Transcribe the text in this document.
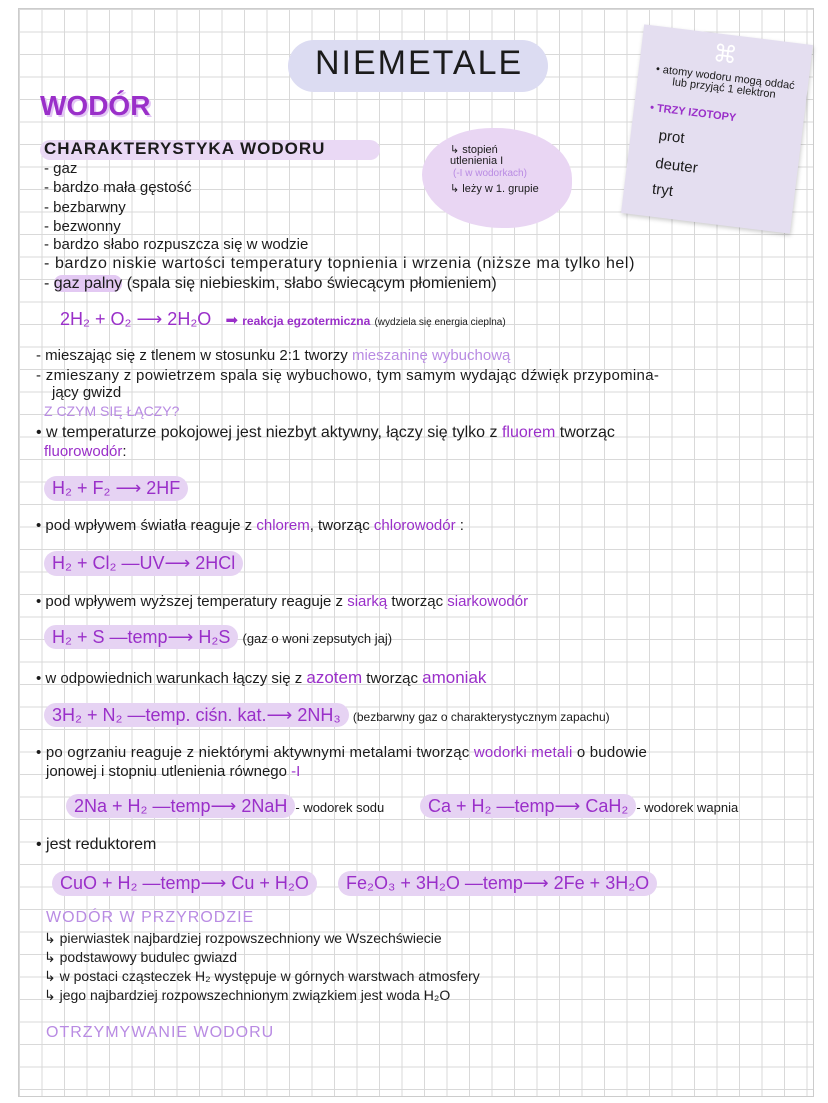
NIEMETALE
WODÓR
CHARAKTERYSTYKA WODORU
- gaz
- bardzo mała gęstość
- bezbarwny
- bezwonny
- bardzo słabo rozpuszcza się w wodzie
- bardzo niskie wartości temperatury topnienia i wrzenia (niższe ma tylko hel)
- gaz palny (spala się niebieskim, słabo świecącym płomieniem)
2H₂ + O₂ ⟶ 2H₂O ➡ reakcja egzotermiczna (wydziela się energia cieplna)
↳ stopień utlenienia I
(-I w wodorkach)
↳ leży w 1. grupie
⌘
• atomy wodoru mogą oddać lub przyjąć 1 elektron
• TRZY IZOTOPY
prot
deuter
tryt
- mieszając się z tlenem w stosunku 2:1 tworzy mieszaninę wybuchową
- zmieszany z powietrzem spala się wybuchowo, tym samym wydając dźwięk przypomina-
jący gwizd
Z CZYM SIĘ ŁĄCZY?
• w temperaturze pokojowej jest niezbyt aktywny, łączy się tylko z fluorem tworząc
fluorowodór:
H₂ + F₂ ⟶ 2HF
• pod wpływem światła reaguje z chlorem, tworząc chlorowodór :
H₂ + Cl₂ ―UV⟶ 2HCl
• pod wpływem wyższej temperatury reaguje z siarką tworząc siarkowodór
H₂ + S ―temp⟶ H₂S (gaz o woni zepsutych jaj)
• w odpowiednich warunkach łączy się z azotem tworząc amoniak
3H₂ + N₂ ―temp. ciśn. kat.⟶ 2NH₃ (bezbarwny gaz o charakterystycznym zapachu)
• po ogrzaniu reaguje z niektórymi aktywnymi metalami tworząc wodorki metali o budowie
jonowej i stopniu utlenienia równego -I
2Na + H₂ ―temp⟶ 2NaH - wodorek sodu	Ca + H₂ ―temp⟶ CaH₂ - wodorek wapnia
• jest reduktorem
CuO + H₂ ―temp⟶ Cu + H₂O	Fe₂O₃ + 3H₂O ―temp⟶ 2Fe + 3H₂O
WODÓR W PRZYRODZIE
↳ pierwiastek najbardziej rozpowszechniony we Wszechświecie
↳ podstawowy budulec gwiazd
↳ w postaci cząsteczek H₂ występuje w górnych warstwach atmosfery
↳ jego najbardziej rozpowszechnionym związkiem jest woda H₂O
OTRZYMYWANIE WODORU
